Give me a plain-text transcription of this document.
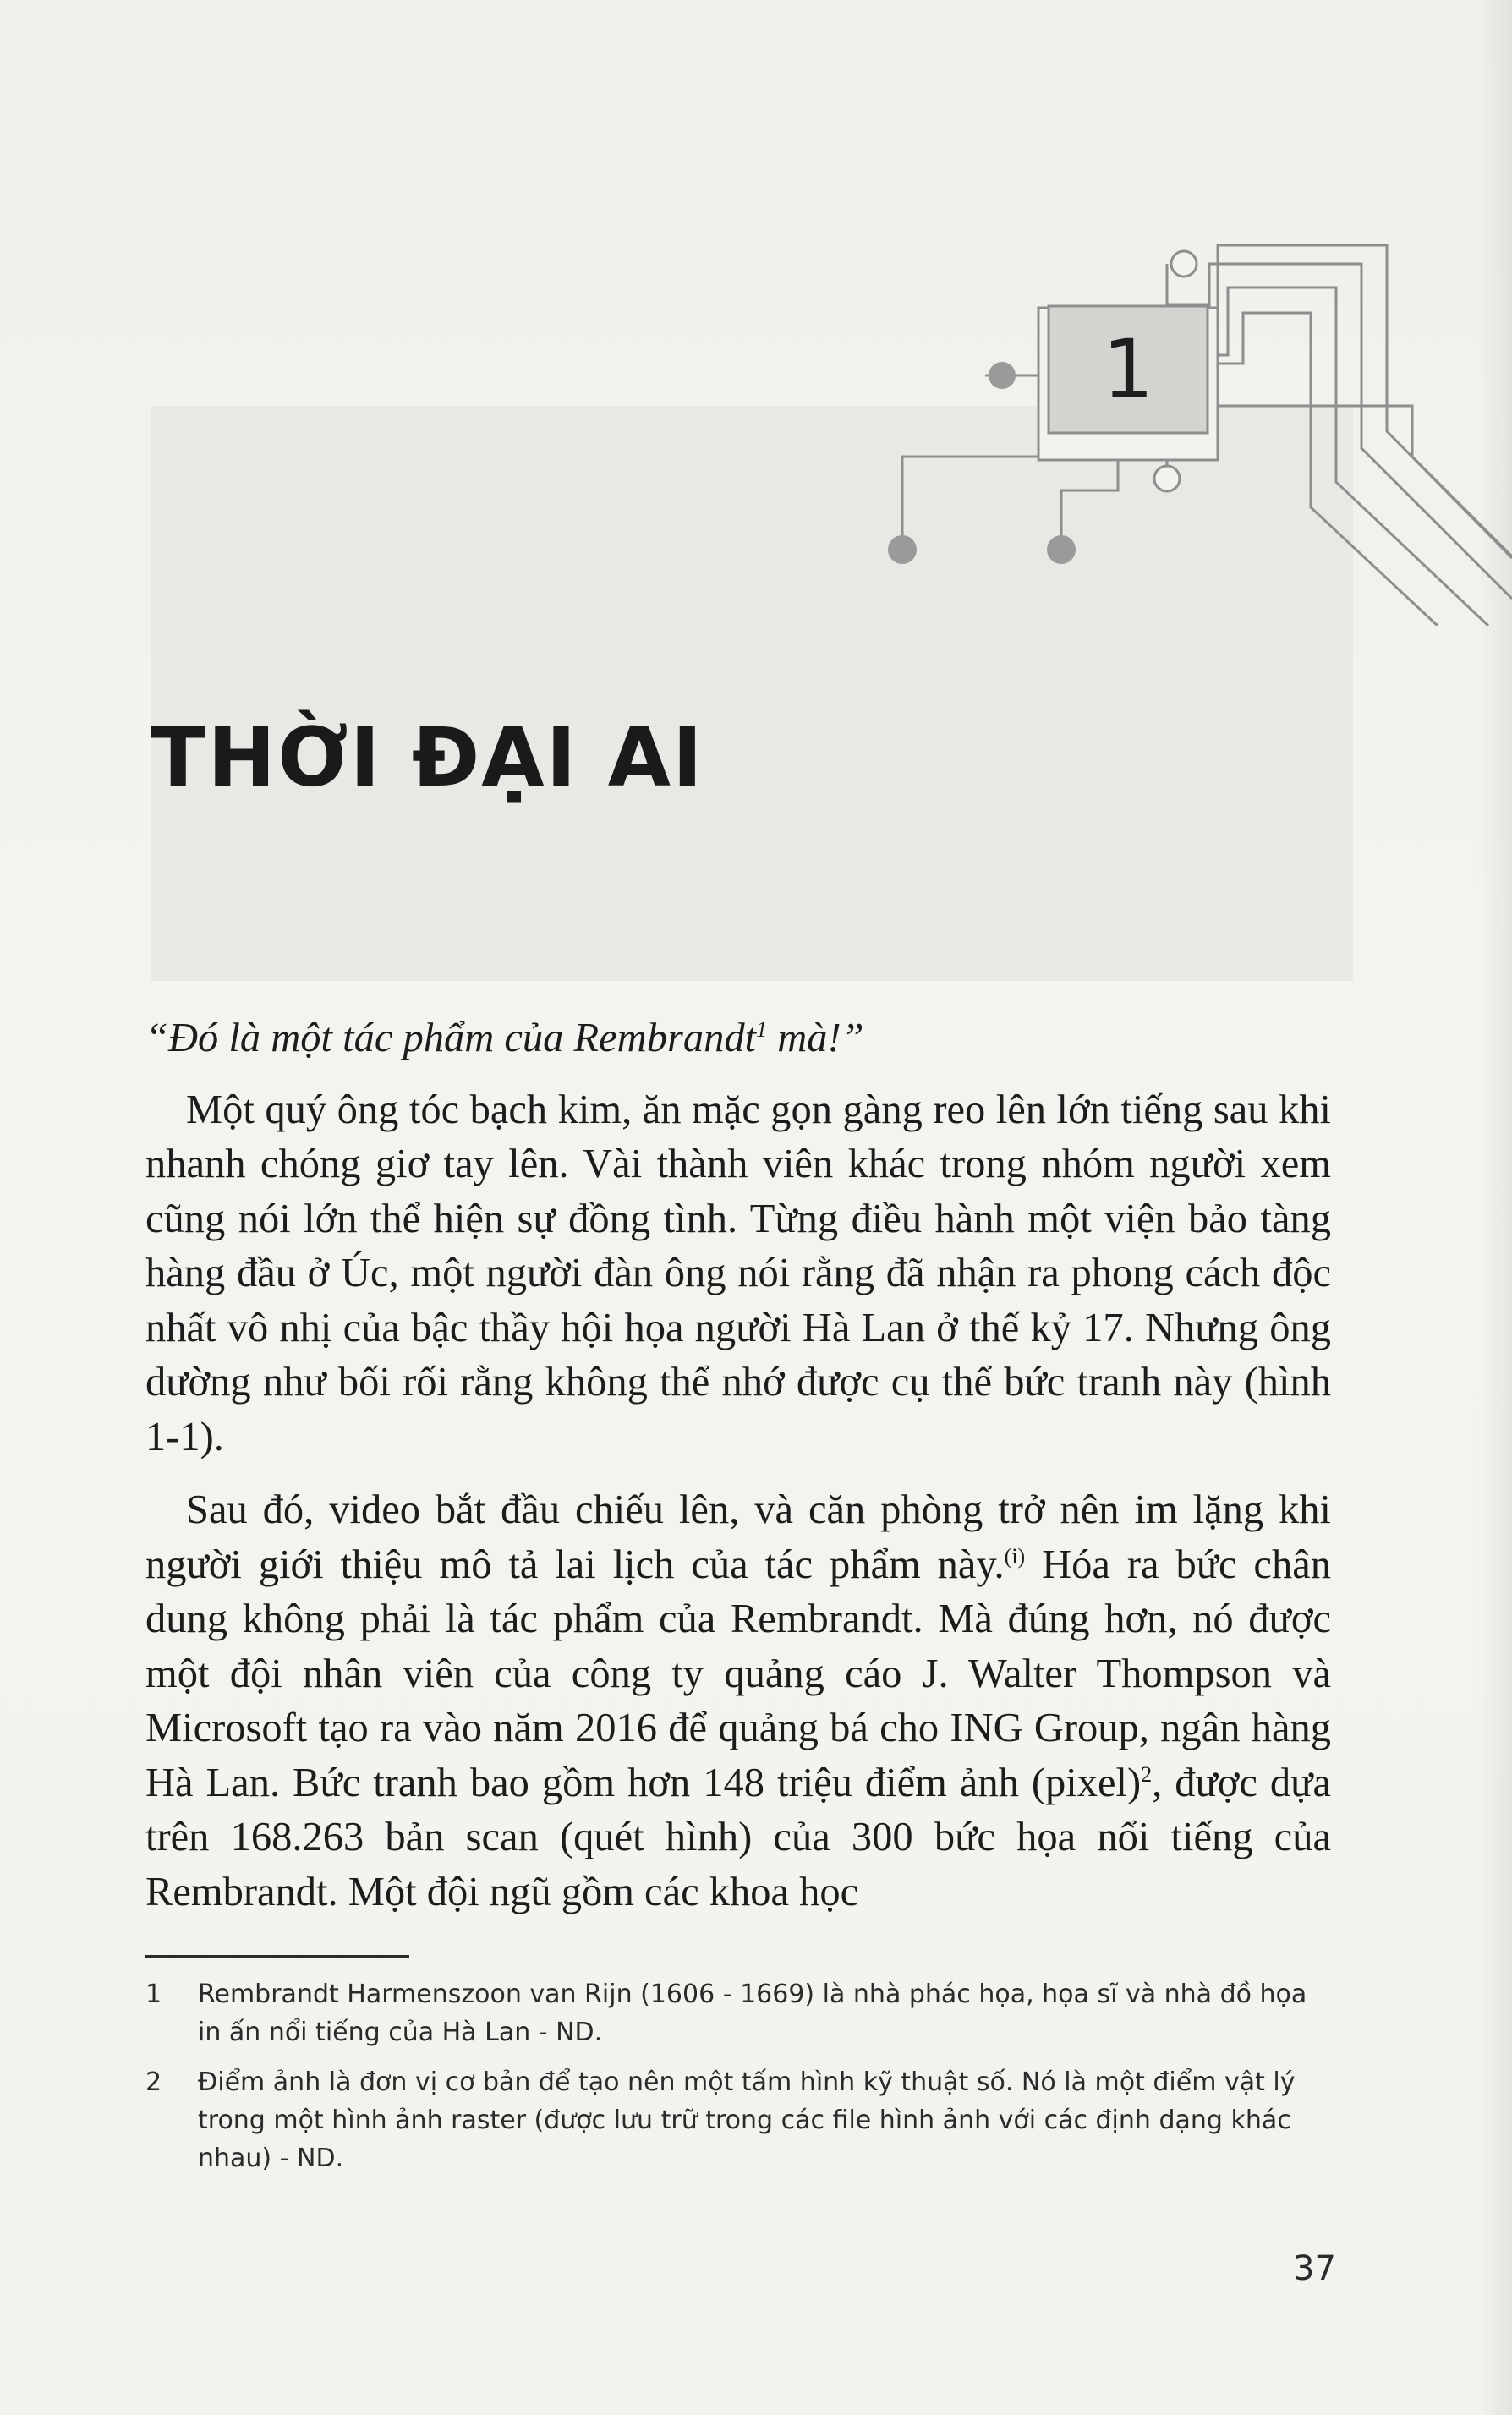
1
THỜI ĐẠI AI

“Đó là một tác phẩm của Rembrandt$^1$ mà!”

Một quý ông tóc bạch kim, ăn mặc gọn gàng reo lên lớn tiếng sau khi nhanh chóng giơ tay lên. Vài thành viên khác trong nhóm người xem cũng nói lớn thể hiện sự đồng tình. Từng điều hành một viện bảo tàng hàng đầu ở Úc, một người đàn ông nói rằng đã nhận ra phong cách độc nhất vô nhị của bậc thầy hội họa người Hà Lan ở thế kỷ 17. Nhưng ông dường như bối rối rằng không thể nhớ được cụ thể bức tranh này (hình 1-1).

Sau đó, video bắt đầu chiếu lên, và căn phòng trở nên im lặng khi người giới thiệu mô tả lai lịch của tác phẩm này.$^{(i)}$ Hóa ra bức chân dung không phải là tác phẩm của Rembrandt. Mà đúng hơn, nó được một đội nhân viên của công ty quảng cáo J. Walter Thompson và Microsoft tạo ra vào năm 2016 để quảng bá cho ING Group, ngân hàng Hà Lan. Bức tranh bao gồm hơn 148 triệu điểm ảnh (pixel)$^2$, được dựa trên 168.263 bản scan (quét hình) của 300 bức họa nổi tiếng của Rembrandt. Một đội ngũ gồm các khoa học

1	Rembrandt Harmenszoon van Rijn (1606 - 1669) là nhà phác họa, họa sĩ và nhà đồ họa in ấn nổi tiếng của Hà Lan - ND.
2	Điểm ảnh là đơn vị cơ bản để tạo nên một tấm hình kỹ thuật số. Nó là một điểm vật lý trong một hình ảnh raster (được lưu trữ trong các file hình ảnh với các định dạng khác nhau) - ND.
37
